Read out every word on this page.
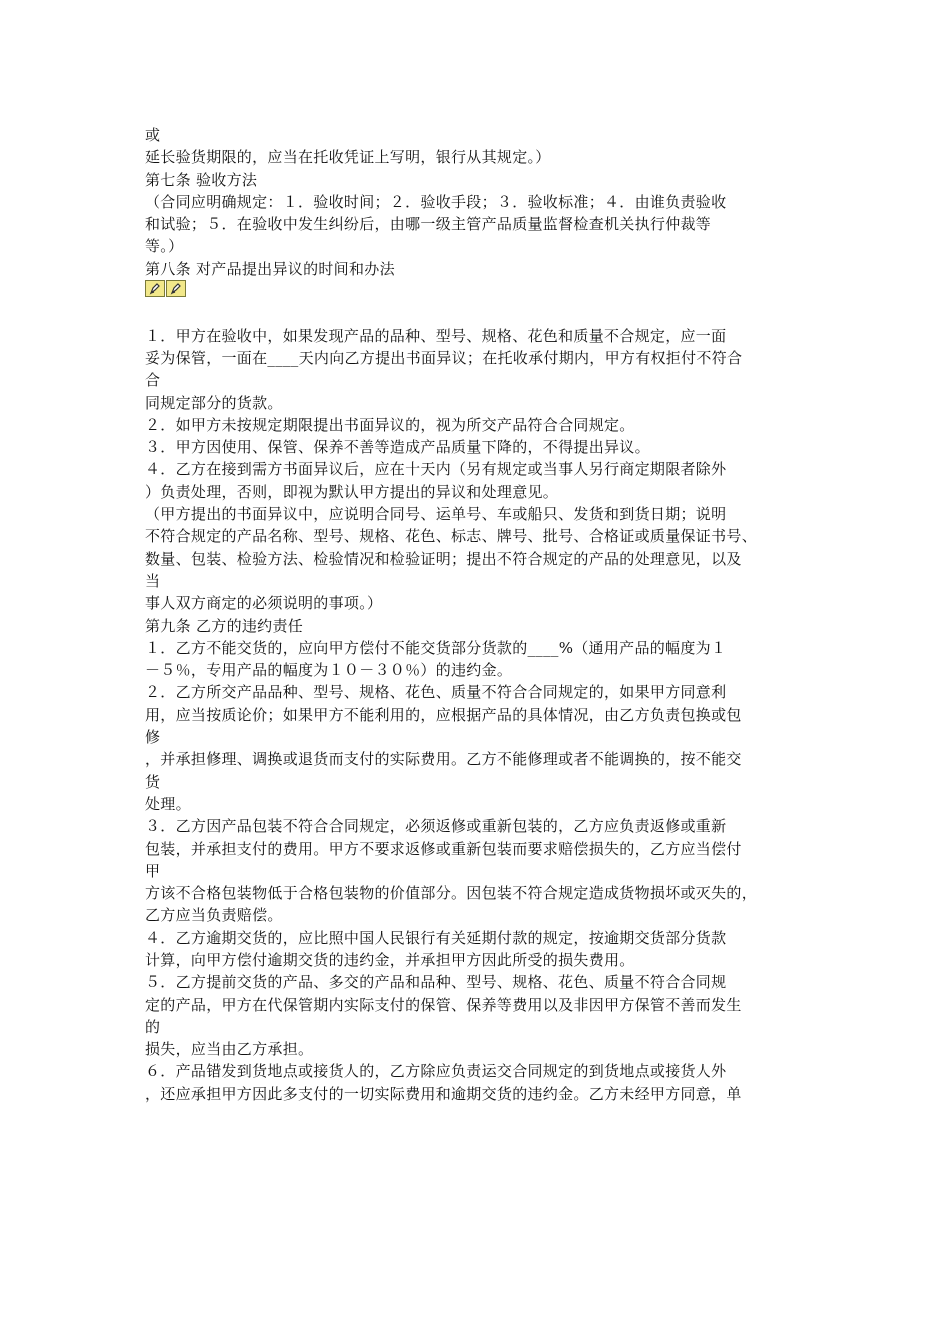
或
延长验货期限的，应当在托收凭证上写明，银行从其规定。）
第七条 验收方法
（合同应明确规定：１．验收时间；２．验收手段；３．验收标准；４．由谁负责验收
和试验；５．在验收中发生纠纷后，由哪一级主管产品质量监督检查机关执行仲裁等
等。）
第八条 对产品提出异议的时间和办法
１．甲方在验收中，如果发现产品的品种、型号、规格、花色和质量不合规定，应一面
妥为保管，一面在____天内向乙方提出书面异议；在托收承付期内，甲方有权拒付不符合
合
同规定部分的货款。
２．如甲方未按规定期限提出书面异议的，视为所交产品符合合同规定。
３．甲方因使用、保管、保养不善等造成产品质量下降的，不得提出异议。
４．乙方在接到需方书面异议后，应在十天内（另有规定或当事人另行商定期限者除外
）负责处理，否则，即视为默认甲方提出的异议和处理意见。
（甲方提出的书面异议中，应说明合同号、运单号、车或船只、发货和到货日期；说明
不符合规定的产品名称、型号、规格、花色、标志、牌号、批号、合格证或质量保证书号、
数量、包装、检验方法、检验情况和检验证明；提出不符合规定的产品的处理意见，以及
当
事人双方商定的必须说明的事项。）
第九条 乙方的违约责任
１．乙方不能交货的，应向甲方偿付不能交货部分货款的____%（通用产品的幅度为１
－５％，专用产品的幅度为１０－３０％）的违约金。
２．乙方所交产品品种、型号、规格、花色、质量不符合合同规定的，如果甲方同意利
用，应当按质论价；如果甲方不能利用的，应根据产品的具体情况，由乙方负责包换或包
修
，并承担修理、调换或退货而支付的实际费用。乙方不能修理或者不能调换的，按不能交
货
处理。
３．乙方因产品包装不符合合同规定，必须返修或重新包装的，乙方应负责返修或重新
包装，并承担支付的费用。甲方不要求返修或重新包装而要求赔偿损失的，乙方应当偿付
甲
方该不合格包装物低于合格包装物的价值部分。因包装不符合规定造成货物损坏或灭失的，
乙方应当负责赔偿。
４．乙方逾期交货的，应比照中国人民银行有关延期付款的规定，按逾期交货部分货款
计算，向甲方偿付逾期交货的违约金，并承担甲方因此所受的损失费用。
５．乙方提前交货的产品、多交的产品和品种、型号、规格、花色、质量不符合合同规
定的产品，甲方在代保管期内实际支付的保管、保养等费用以及非因甲方保管不善而发生
的
损失，应当由乙方承担。
６．产品错发到货地点或接货人的，乙方除应负责运交合同规定的到货地点或接货人外
，还应承担甲方因此多支付的一切实际费用和逾期交货的违约金。乙方未经甲方同意，单
